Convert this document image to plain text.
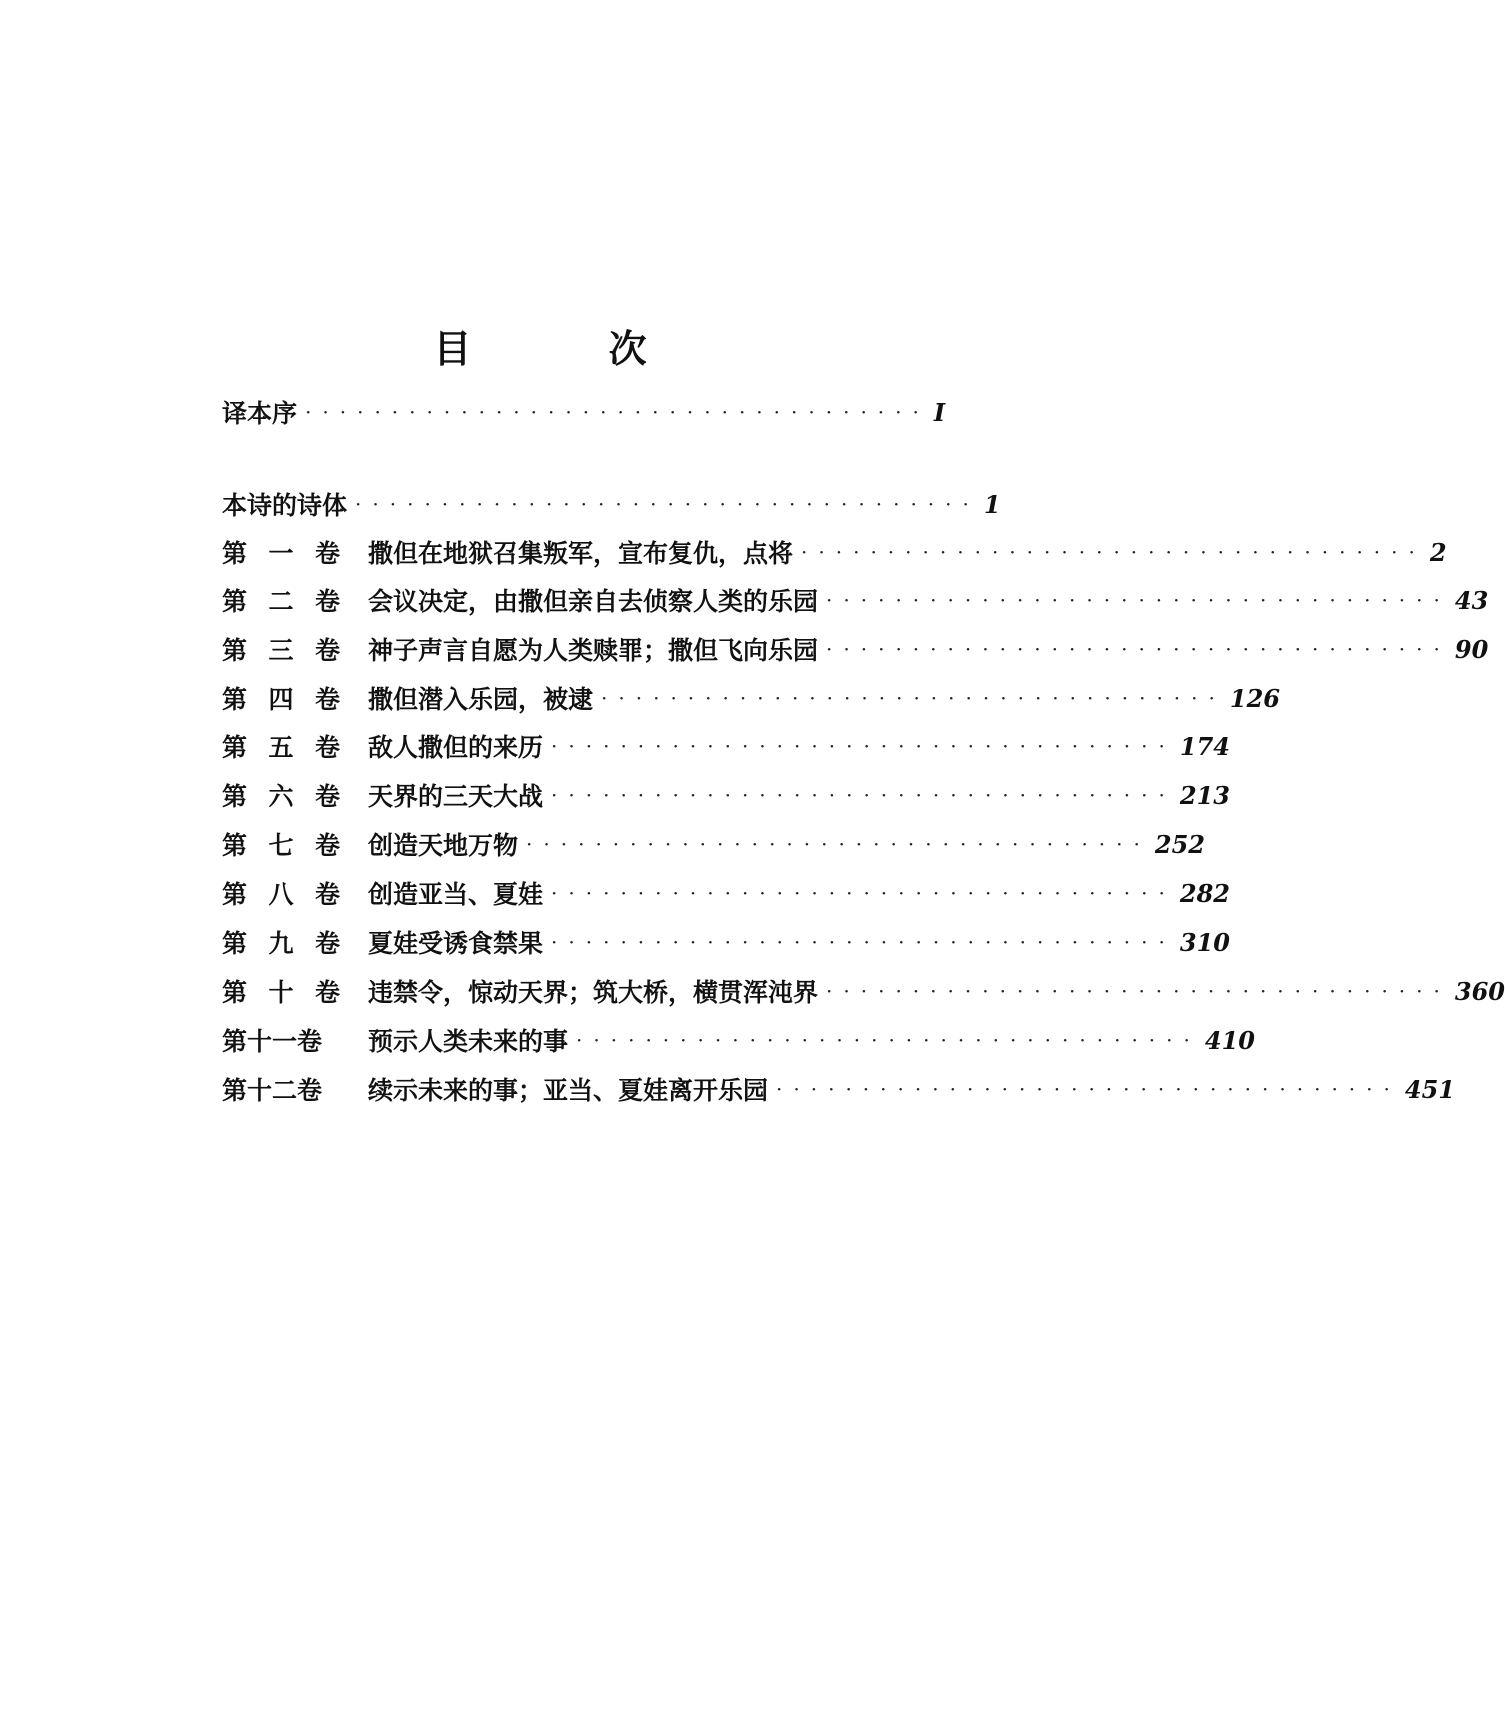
目 次
译本序 ···································· I
本诗的诗体 ···································· 1
第 一 卷	撒但在地狱召集叛军，宣布复仇，点将 ···································· 2
第 二 卷	会议决定，由撒但亲自去侦察人类的乐园 ···································· 43
第 三 卷	神子声言自愿为人类赎罪；撒但飞向乐园 ···································· 90
第 四 卷	撒但潜入乐园，被逮 ···································· 126
第 五 卷	敌人撒但的来历 ···································· 174
第 六 卷	天界的三天大战 ···································· 213
第 七 卷	创造天地万物 ···································· 252
第 八 卷	创造亚当、夏娃 ···································· 282
第 九 卷	夏娃受诱食禁果 ···································· 310
第 十 卷	违禁令，惊动天界；筑大桥，横贯浑沌界 ···································· 360
第十一卷	预示人类未来的事 ···································· 410
第十二卷	续示未来的事；亚当、夏娃离开乐园 ···································· 451
